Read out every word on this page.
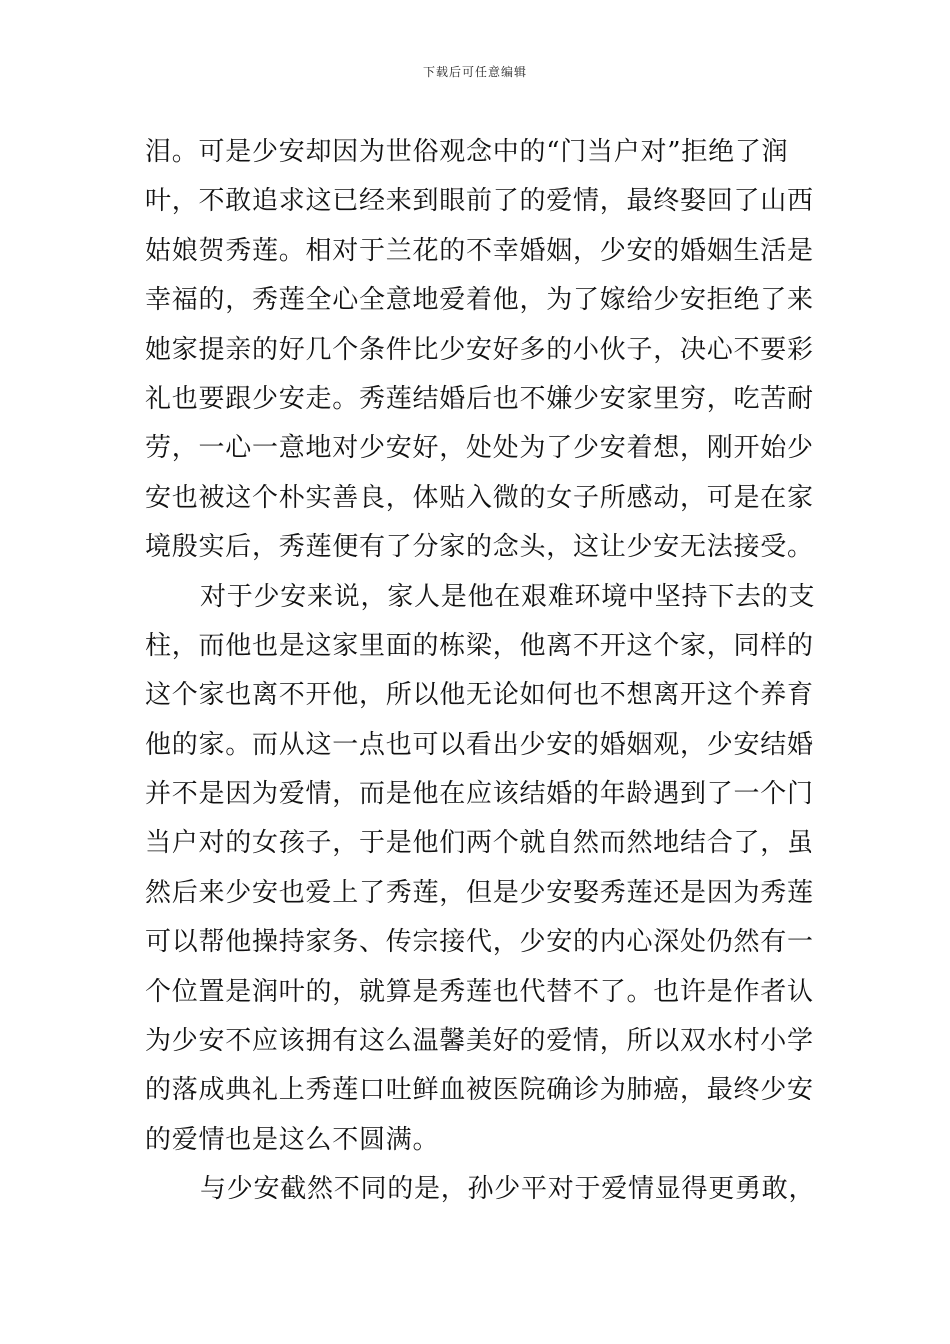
下载后可任意编辑
泪。可是少安却因为世俗观念中的“门当户对”拒绝了润
叶，不敢追求这已经来到眼前了的爱情，最终娶回了山西
姑娘贺秀莲。相对于兰花的不幸婚姻，少安的婚姻生活是
幸福的，秀莲全心全意地爱着他，为了嫁给少安拒绝了来
她家提亲的好几个条件比少安好多的小伙子，决心不要彩
礼也要跟少安走。秀莲结婚后也不嫌少安家里穷，吃苦耐
劳，一心一意地对少安好，处处为了少安着想，刚开始少
安也被这个朴实善良，体贴入微的女子所感动，可是在家
境殷实后，秀莲便有了分家的念头，这让少安无法接受。
对于少安来说，家人是他在艰难环境中坚持下去的支
柱，而他也是这家里面的栋梁，他离不开这个家，同样的
这个家也离不开他，所以他无论如何也不想离开这个养育
他的家。而从这一点也可以看出少安的婚姻观，少安结婚
并不是因为爱情，而是他在应该结婚的年龄遇到了一个门
当户对的女孩子，于是他们两个就自然而然地结合了，虽
然后来少安也爱上了秀莲，但是少安娶秀莲还是因为秀莲
可以帮他操持家务、传宗接代，少安的内心深处仍然有一
个位置是润叶的，就算是秀莲也代替不了。也许是作者认
为少安不应该拥有这么温馨美好的爱情，所以双水村小学
的落成典礼上秀莲口吐鲜血被医院确诊为肺癌，最终少安
的爱情也是这么不圆满。
与少安截然不同的是，孙少平对于爱情显得更勇敢，
